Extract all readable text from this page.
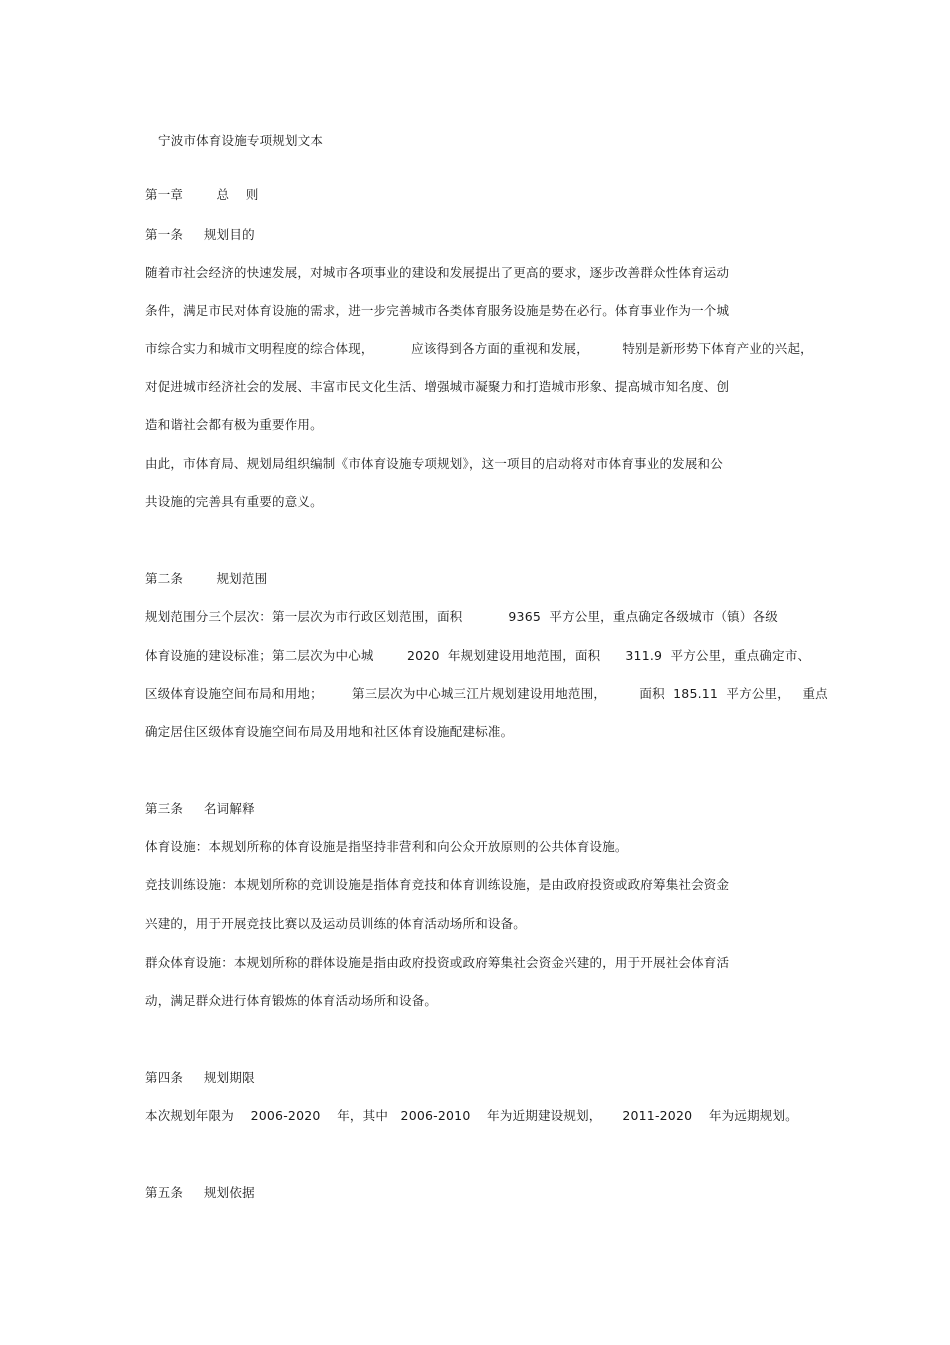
宁波市体育设施专项规划文本
第一章        总    则
第一条     规划目的
随着市社会经济的快速发展，对城市各项事业的建设和发展提出了更高的要求，逐步改善群众性体育运动
条件，满足市民对体育设施的需求，进一步完善城市各类体育服务设施是势在必行。体育事业作为一个城
市综合实力和城市文明程度的综合体现，         应该得到各方面的重视和发展，        特别是新形势下体育产业的兴起，
对促进城市经济社会的发展、丰富市民文化生活、增强城市凝聚力和打造城市形象、提高城市知名度、创
造和谐社会都有极为重要作用。
由此，市体育局、规划局组织编制《市体育设施专项规划》，这一项目的启动将对市体育事业的发展和公
共设施的完善具有重要的意义。
第二条        规划范围
规划范围分三个层次：第一层次为市行政区划范围，面积           9365  平方公里，重点确定各级城市（镇）各级
体育设施的建设标准；第二层次为中心城        2020  年规划建设用地范围，面积      311.9  平方公里，重点确定市、
区级体育设施空间布局和用地；       第三层次为中心城三江片规划建设用地范围，        面积  185.11  平方公里，   重点
确定居住区级体育设施空间布局及用地和社区体育设施配建标准。
第三条     名词解释
体育设施：本规划所称的体育设施是指坚持非营利和向公众开放原则的公共体育设施。
竞技训练设施：本规划所称的竞训设施是指体育竞技和体育训练设施，是由政府投资或政府筹集社会资金
兴建的，用于开展竞技比赛以及运动员训练的体育活动场所和设备。
群众体育设施：本规划所称的群体设施是指由政府投资或政府筹集社会资金兴建的，用于开展社会体育活
动，满足群众进行体育锻炼的体育活动场所和设备。
第四条     规划期限
本次规划年限为    2006-2020    年，其中   2006-2010    年为近期建设规划，     2011-2020    年为远期规划。
第五条     规划依据
